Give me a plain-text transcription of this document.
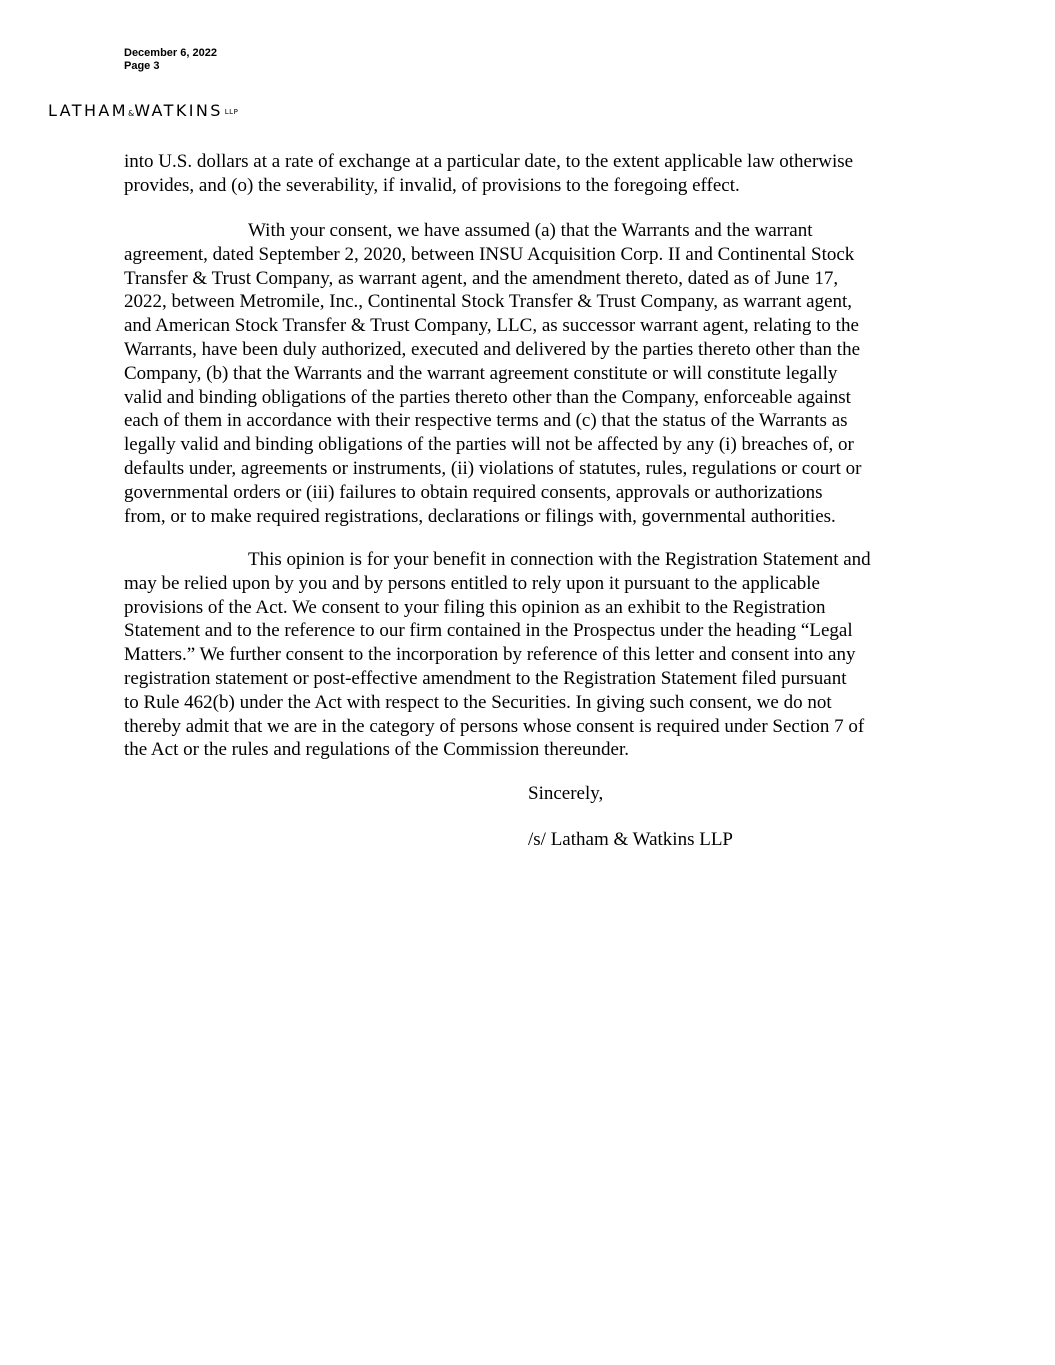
December 6, 2022
Page 3
LATHAM&WATKINS LLP
into U.S. dollars at a rate of exchange at a particular date, to the extent applicable law otherwise
provides, and (o) the severability, if invalid, of provisions to the foregoing effect.
With your consent, we have assumed (a) that the Warrants and the warrant
agreement, dated September 2, 2020, between INSU Acquisition Corp. II and Continental Stock
Transfer & Trust Company, as warrant agent, and the amendment thereto, dated as of June 17,
2022, between Metromile, Inc., Continental Stock Transfer & Trust Company, as warrant agent,
and American Stock Transfer & Trust Company, LLC, as successor warrant agent, relating to the
Warrants, have been duly authorized, executed and delivered by the parties thereto other than the
Company, (b) that the Warrants and the warrant agreement constitute or will constitute legally
valid and binding obligations of the parties thereto other than the Company, enforceable against
each of them in accordance with their respective terms and (c) that the status of the Warrants as
legally valid and binding obligations of the parties will not be affected by any (i) breaches of, or
defaults under, agreements or instruments, (ii) violations of statutes, rules, regulations or court or
governmental orders or (iii) failures to obtain required consents, approvals or authorizations
from, or to make required registrations, declarations or filings with, governmental authorities.
This opinion is for your benefit in connection with the Registration Statement and
may be relied upon by you and by persons entitled to rely upon it pursuant to the applicable
provisions of the Act. We consent to your filing this opinion as an exhibit to the Registration
Statement and to the reference to our firm contained in the Prospectus under the heading “Legal
Matters.” We further consent to the incorporation by reference of this letter and consent into any
registration statement or post-effective amendment to the Registration Statement filed pursuant
to Rule 462(b) under the Act with respect to the Securities. In giving such consent, we do not
thereby admit that we are in the category of persons whose consent is required under Section 7 of
the Act or the rules and regulations of the Commission thereunder.
Sincerely,
/s/ Latham & Watkins LLP
